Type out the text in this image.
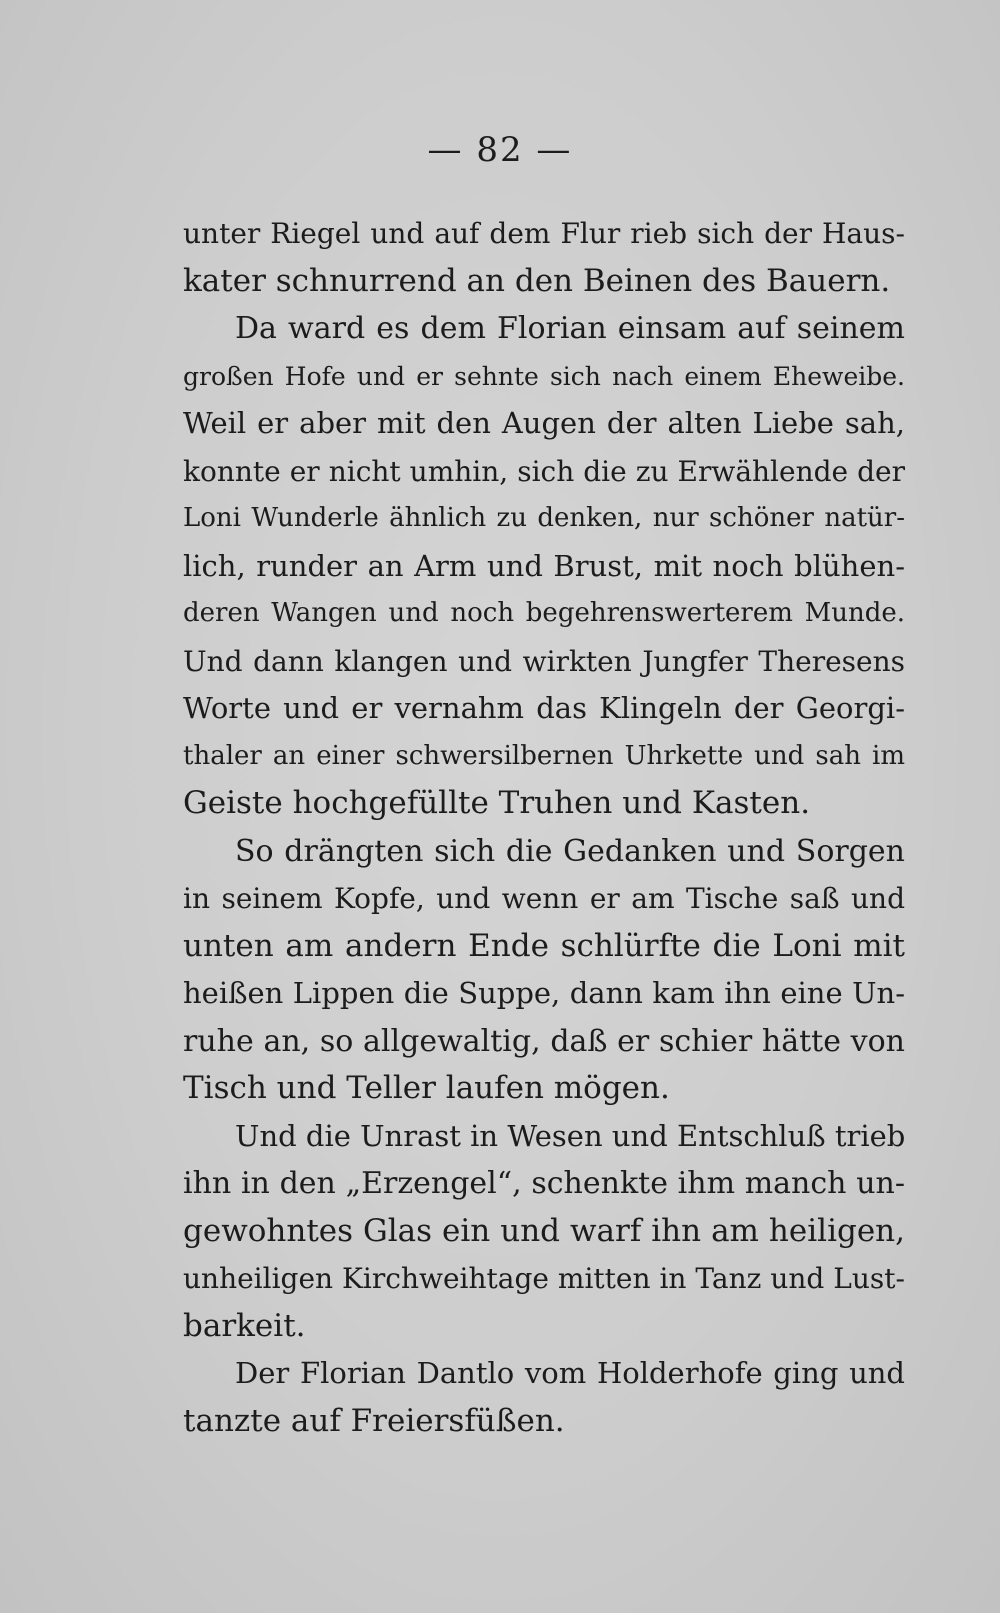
— 82 —
unter Riegel und auf dem Flur rieb sich der Haus-
kater schnurrend an den Beinen des Bauern.
Da ward es dem Florian einsam auf seinem
großen Hofe und er sehnte sich nach einem Eheweibe.
Weil er aber mit den Augen der alten Liebe sah,
konnte er nicht umhin, sich die zu Erwählende der
Loni Wunderle ähnlich zu denken, nur schöner natür-
lich, runder an Arm und Brust, mit noch blühen-
deren Wangen und noch begehrenswerterem Munde.
Und dann klangen und wirkten Jungfer Theresens
Worte und er vernahm das Klingeln der Georgi-
thaler an einer schwersilbernen Uhrkette und sah im
Geiste hochgefüllte Truhen und Kasten.
So drängten sich die Gedanken und Sorgen
in seinem Kopfe, und wenn er am Tische saß und
unten am andern Ende schlürfte die Loni mit
heißen Lippen die Suppe, dann kam ihn eine Un-
ruhe an, so allgewaltig, daß er schier hätte von
Tisch und Teller laufen mögen.
Und die Unrast in Wesen und Entschluß trieb
ihn in den „Erzengel“, schenkte ihm manch un-
gewohntes Glas ein und warf ihn am heiligen,
unheiligen Kirchweihtage mitten in Tanz und Lust-
barkeit.
Der Florian Dantlo vom Holderhofe ging und
tanzte auf Freiersfüßen.
